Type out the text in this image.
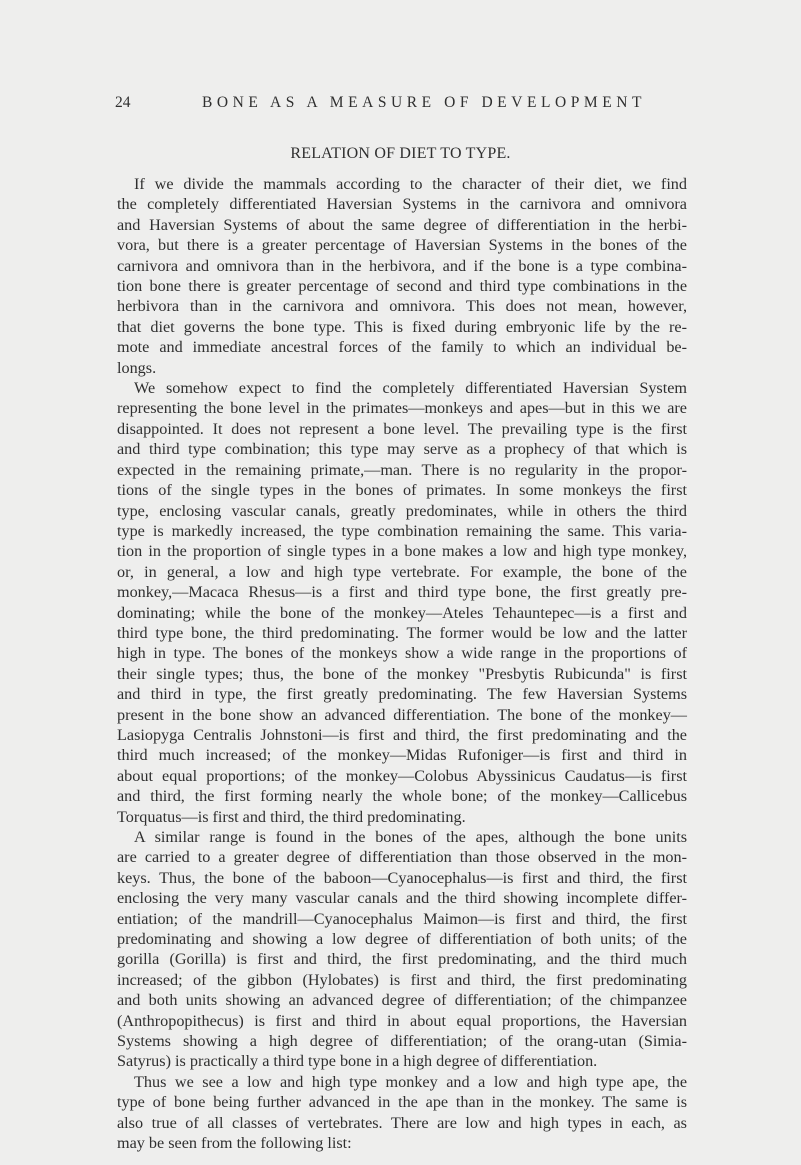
24	BONE AS A MEASURE OF DEVELOPMENT
RELATION OF DIET TO TYPE.
If we divide the mammals according to the character of their diet, we find
the completely differentiated Haversian Systems in the carnivora and omnivora
and Haversian Systems of about the same degree of differentiation in the herbi-
vora, but there is a greater percentage of Haversian Systems in the bones of the
carnivora and omnivora than in the herbivora, and if the bone is a type combina-
tion bone there is greater percentage of second and third type combinations in the
herbivora than in the carnivora and omnivora. This does not mean, however,
that diet governs the bone type. This is fixed during embryonic life by the re-
mote and immediate ancestral forces of the family to which an individual be-
longs.
We somehow expect to find the completely differentiated Haversian System
representing the bone level in the primates—monkeys and apes—but in this we are
disappointed. It does not represent a bone level. The prevailing type is the first
and third type combination; this type may serve as a prophecy of that which is
expected in the remaining primate,—man. There is no regularity in the propor-
tions of the single types in the bones of primates. In some monkeys the first
type, enclosing vascular canals, greatly predominates, while in others the third
type is markedly increased, the type combination remaining the same. This varia-
tion in the proportion of single types in a bone makes a low and high type monkey,
or, in general, a low and high type vertebrate. For example, the bone of the
monkey,—Macaca Rhesus—is a first and third type bone, the first greatly pre-
dominating; while the bone of the monkey—Ateles Tehauntepec—is a first and
third type bone, the third predominating. The former would be low and the latter
high in type. The bones of the monkeys show a wide range in the proportions of
their single types; thus, the bone of the monkey "Presbytis Rubicunda" is first
and third in type, the first greatly predominating. The few Haversian Systems
present in the bone show an advanced differentiation. The bone of the monkey—
Lasiopyga Centralis Johnstoni—is first and third, the first predominating and the
third much increased; of the monkey—Midas Rufoniger—is first and third in
about equal proportions; of the monkey—Colobus Abyssinicus Caudatus—is first
and third, the first forming nearly the whole bone; of the monkey—Callicebus
Torquatus—is first and third, the third predominating.
A similar range is found in the bones of the apes, although the bone units
are carried to a greater degree of differentiation than those observed in the mon-
keys. Thus, the bone of the baboon—Cyanocephalus—is first and third, the first
enclosing the very many vascular canals and the third showing incomplete differ-
entiation; of the mandrill—Cyanocephalus Maimon—is first and third, the first
predominating and showing a low degree of differentiation of both units; of the
gorilla (Gorilla) is first and third, the first predominating, and the third much
increased; of the gibbon (Hylobates) is first and third, the first predominating
and both units showing an advanced degree of differentiation; of the chimpanzee
(Anthropopithecus) is first and third in about equal proportions, the Haversian
Systems showing a high degree of differentiation; of the orang-utan (Simia-
Satyrus) is practically a third type bone in a high degree of differentiation.
Thus we see a low and high type monkey and a low and high type ape, the
type of bone being further advanced in the ape than in the monkey. The same is
also true of all classes of vertebrates. There are low and high types in each, as
may be seen from the following list:
